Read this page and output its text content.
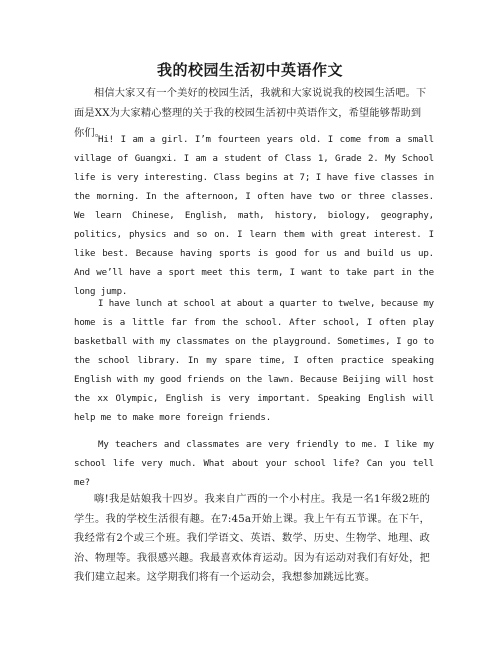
我的校园生活初中英语作文

相信大家又有一个美好的校园生活，我就和大家说说我的校园生活吧。下面是XX为大家精心整理的关于我的校园生活初中英语作文，希望能够帮助到你们。

Hi! I am a girl. I’m fourteen years old. I come from a small village of Guangxi. I am a student of Class 1, Grade 2. My School life is very interesting. Class begins at 7; I have five classes in the morning. In the afternoon, I often have two or three classes. We learn Chinese, English, math, history, biology, geography, politics, physics and so on. I learn them with great interest. I like best. Because having sports is good for us and build us up. And we’ll have a sport meet this term, I want to take part in the long jump.

I have lunch at school at about a quarter to twelve, because my home is a little far from the school. After school, I often play basketball with my classmates on the playground. Sometimes, I go to the school library. In my spare time, I often practice speaking English with my good friends on the lawn. Because Beijing will host the xx Olympic, English is very important. Speaking English will help me to make more foreign friends.

My teachers and classmates are very friendly to me. I like my school life very much. What about your school life? Can you tell me?

嗨!我是姑娘我十四岁。我来自广西的一个小村庄。我是一名1年级2班的学生。我的学校生活很有趣。在7:45a开始上课。我上午有五节课。在下午，我经常有2个或三个班。我们学语文、英语、数学、历史、生物学、地理、政治、物理等。我很感兴趣。我最喜欢体育运动。因为有运动对我们有好处，把我们建立起来。这学期我们将有一个运动会，我想参加跳远比赛。
